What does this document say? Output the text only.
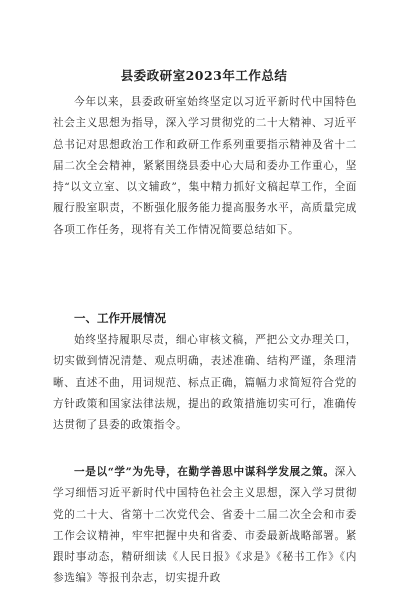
县委政研室2023年工作总结

今年以来，县委政研室始终坚定以习近平新时代中国特色社会主义思想为指导，深入学习贯彻党的二十大精神、习近平总书记对思想政治工作和政研工作系列重要指示精神及省十二届二次全会精神，紧紧围绕县委中心大局和委办工作重心，坚持“以文立室、以文辅政”，集中精力抓好文稿起草工作，全面履行股室职责，不断强化服务能力提高服务水平，高质量完成各项工作任务，现将有关工作情况简要总结如下。

一、工作开展情况

始终坚持履职尽责，细心审核文稿，严把公文办理关口，切实做到情况清楚、观点明确，表述准确、结构严谨，条理清晰、直述不曲，用词规范、标点正确，篇幅力求简短符合党的方针政策和国家法律法规，提出的政策措施切实可行，准确传达贯彻了县委的政策指令。

一是以“学”为先导，在勤学善思中谋科学发展之策。深入学习细悟习近平新时代中国特色社会主义思想，深入学习贯彻党的二十大、省第十二次党代会、省委十二届二次全会和市委工作会议精神，牢牢把握中央和省委、市委最新战略部署。紧跟时事动态，精研细读《人民日报》《求是》《秘书工作》《内参选编》等报刊杂志，切实提升政
